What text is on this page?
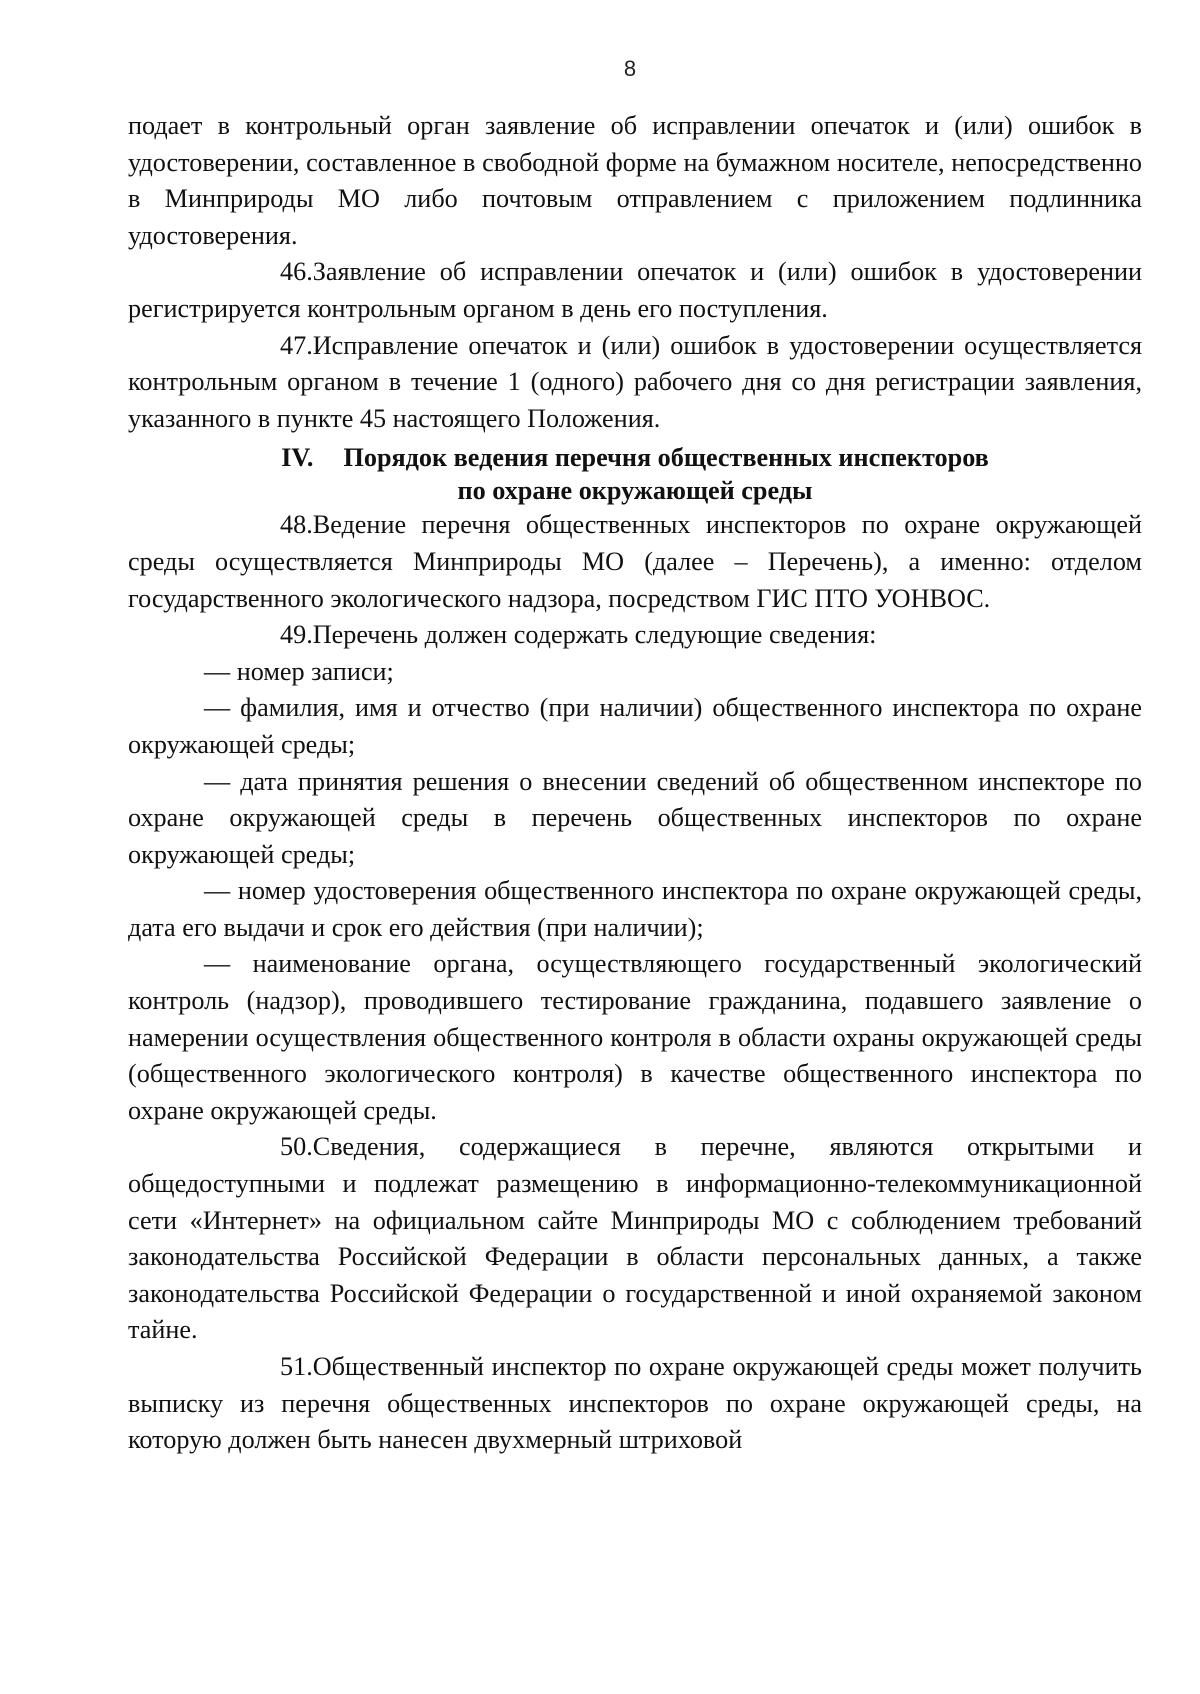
8

подает в контрольный орган заявление об исправлении опечаток и (или) ошибок в удостоверении, составленное в свободной форме на бумажном носителе, непосредственно в Минприроды МО либо почтовым отправлением с приложением подлинника удостоверения.

46.Заявление об исправлении опечаток и (или) ошибок в удостоверении регистрируется контрольным органом в день его поступления.

47.Исправление опечаток и (или) ошибок в удостоверении осуществляется контрольным органом в течение 1 (одного) рабочего дня со дня регистрации заявления, указанного в пункте 45 настоящего Положения.

IV. Порядок ведения перечня общественных инспекторов
по охране окружающей среды

48.Ведение перечня общественных инспекторов по охране окружающей среды осуществляется Минприроды МО (далее – Перечень), а именно: отделом государственного экологического надзора, посредством ГИС ПТО УОНВОС.

49.Перечень должен содержать следующие сведения:

— номер записи;

— фамилия, имя и отчество (при наличии) общественного инспектора по охране окружающей среды;

— дата принятия решения о внесении сведений об общественном инспекторе по охране окружающей среды в перечень общественных инспекторов по охране окружающей среды;

— номер удостоверения общественного инспектора по охране окружающей среды, дата его выдачи и срок его действия (при наличии);

— наименование органа, осуществляющего государственный экологический контроль (надзор), проводившего тестирование гражданина, подавшего заявление о намерении осуществления общественного контроля в области охраны окружающей среды (общественного экологического контроля) в качестве общественного инспектора по охране окружающей среды.

50.Сведения, содержащиеся в перечне, являются открытыми и общедоступными и подлежат размещению в информационно-телекоммуникационной сети «Интернет» на официальном сайте Минприроды МО с соблюдением требований законодательства Российской Федерации в области персональных данных, а также законодательства Российской Федерации о государственной и иной охраняемой законом тайне.

51.Общественный инспектор по охране окружающей среды может получить выписку из перечня общественных инспекторов по охране окружающей среды, на которую должен быть нанесен двухмерный штриховой
